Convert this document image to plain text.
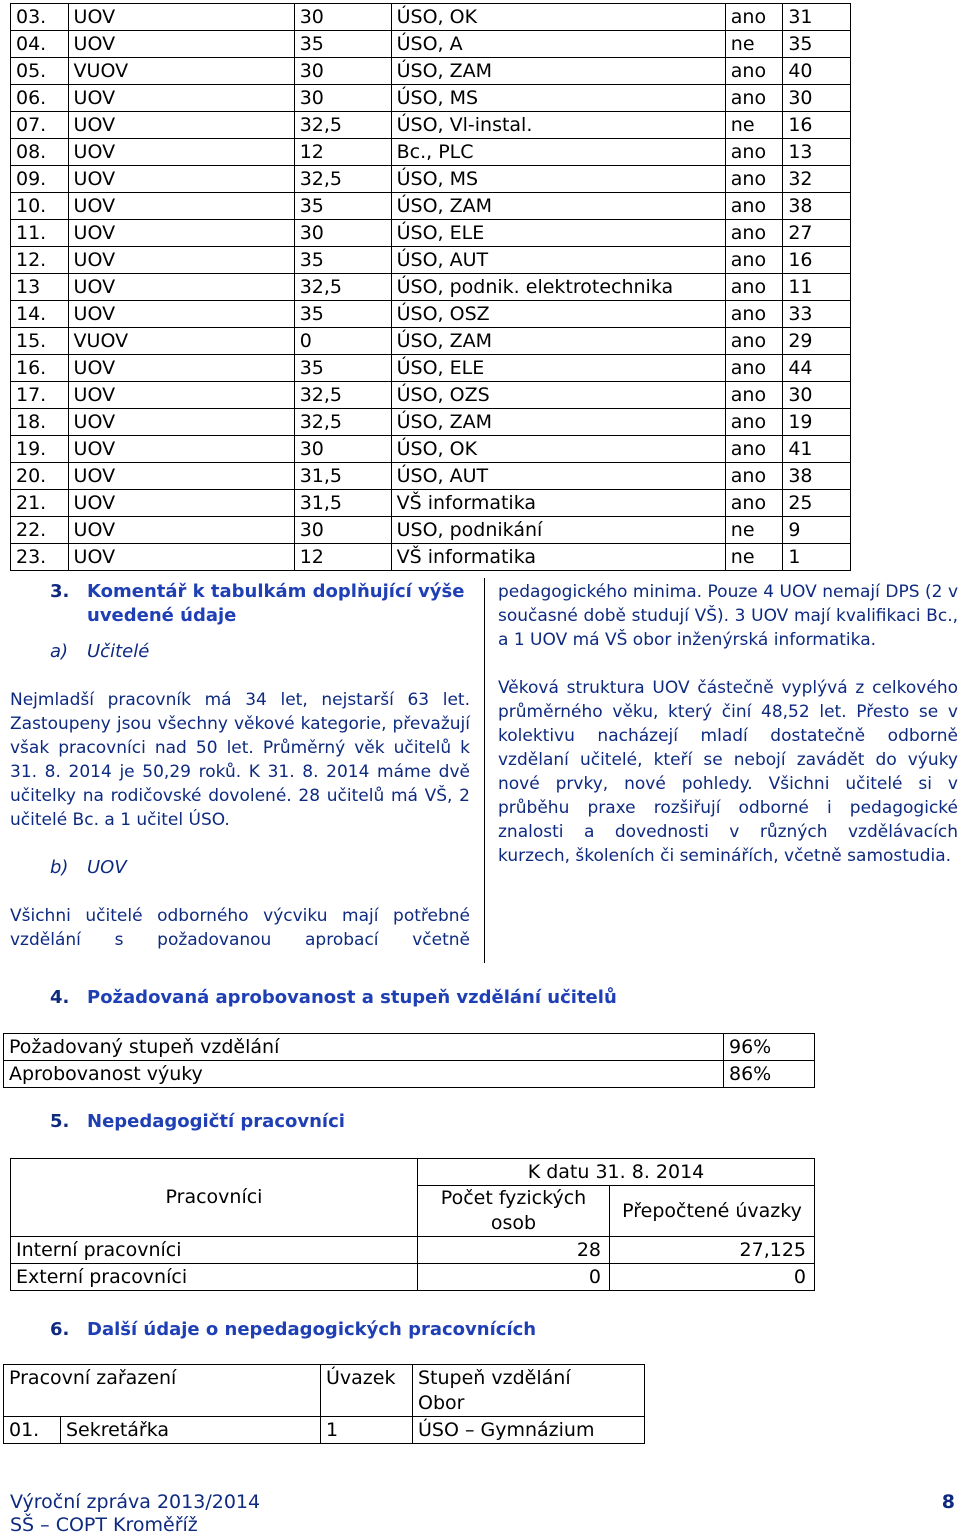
03.	UOV	30	ÚSO, OK	ano	31
04.	UOV	35	ÚSO, A	ne	35
05.	VUOV	30	ÚSO, ZAM	ano	40
06.	UOV	30	ÚSO, MS	ano	30
07.	UOV	32,5	ÚSO, Vl-instal.	ne	16
08.	UOV	12	Bc., PLC	ano	13
09.	UOV	32,5	ÚSO, MS	ano	32
10.	UOV	35	ÚSO, ZAM	ano	38
11.	UOV	30	ÚSO, ELE	ano	27
12.	UOV	35	ÚSO, AUT	ano	16
13	UOV	32,5	ÚSO, podnik. elektrotechnika	ano	11
14.	UOV	35	ÚSO, OSZ	ano	33
15.	VUOV	0	ÚSO, ZAM	ano	29
16.	UOV	35	ÚSO, ELE	ano	44
17.	UOV	32,5	ÚSO, OZS	ano	30
18.	UOV	32,5	ÚSO, ZAM	ano	19
19.	UOV	30	ÚSO, OK	ano	41
20.	UOV	31,5	ÚSO, AUT	ano	38
21.	UOV	31,5	VŠ informatika	ano	25
22.	UOV	30	USO, podnikání	ne	9
23.	UOV	12	VŠ informatika	ne	1
3. Komentář k tabulkám doplňující výše uvedené údaje
a) Učitelé

Nejmladší pracovník má 34 let, nejstarší 63 let. Zastoupeny jsou všechny věkové kategorie, převažují však pracovníci nad 50 let. Průměrný věk učitelů k 31. 8. 2014 je 50,29 roků. K 31. 8. 2014 máme dvě učitelky na rodičovské dovolené. 28 učitelů má VŠ, 2 učitelé Bc. a 1 učitel ÚSO.

b) UOV

Všichni učitelé odborného výcviku mají potřebné vzdělání s požadovanou aprobací včetně

pedagogického minima. Pouze 4 UOV nemají DPS (2 v současné době studují VŠ). 3 UOV mají kvalifikaci Bc., a 1 UOV má VŠ obor inženýrská informatika.

Věková struktura UOV částečně vyplývá z celkového průměrného věku, který činí 48,52 let. Přesto se v kolektivu nacházejí mladí dostatečně odborně vzdělaní učitelé, kteří se nebojí zavádět do výuky nové prvky, nové pohledy. Všichni učitelé si v průběhu praxe rozšiřují odborné i pedagogické znalosti a dovednosti v různých vzdělávacích kurzech, školeních či seminářích, včetně samostudia.

4. Požadovaná aprobovanost a stupeň vzdělání učitelů
Požadovaný stupeň vzdělání	96%
Aprobovanost výuky	86%
5. Nepedagogičtí pracovníci
Pracovníci	K datu 31. 8. 2014	
	Počet fyzických osob	Přepočtené úvazky
Interní pracovníci	28	27,125
Externí pracovníci	0	0
6. Další údaje o nepedagogických pracovnících
Pracovní zařazení		Úvazek	Stupeň vzdělání
Obor

01.	Sekretářka	1	ÚSO – Gymnázium
Výroční zpráva 2013/2014
SŠ – COPT Kroměříž
8
